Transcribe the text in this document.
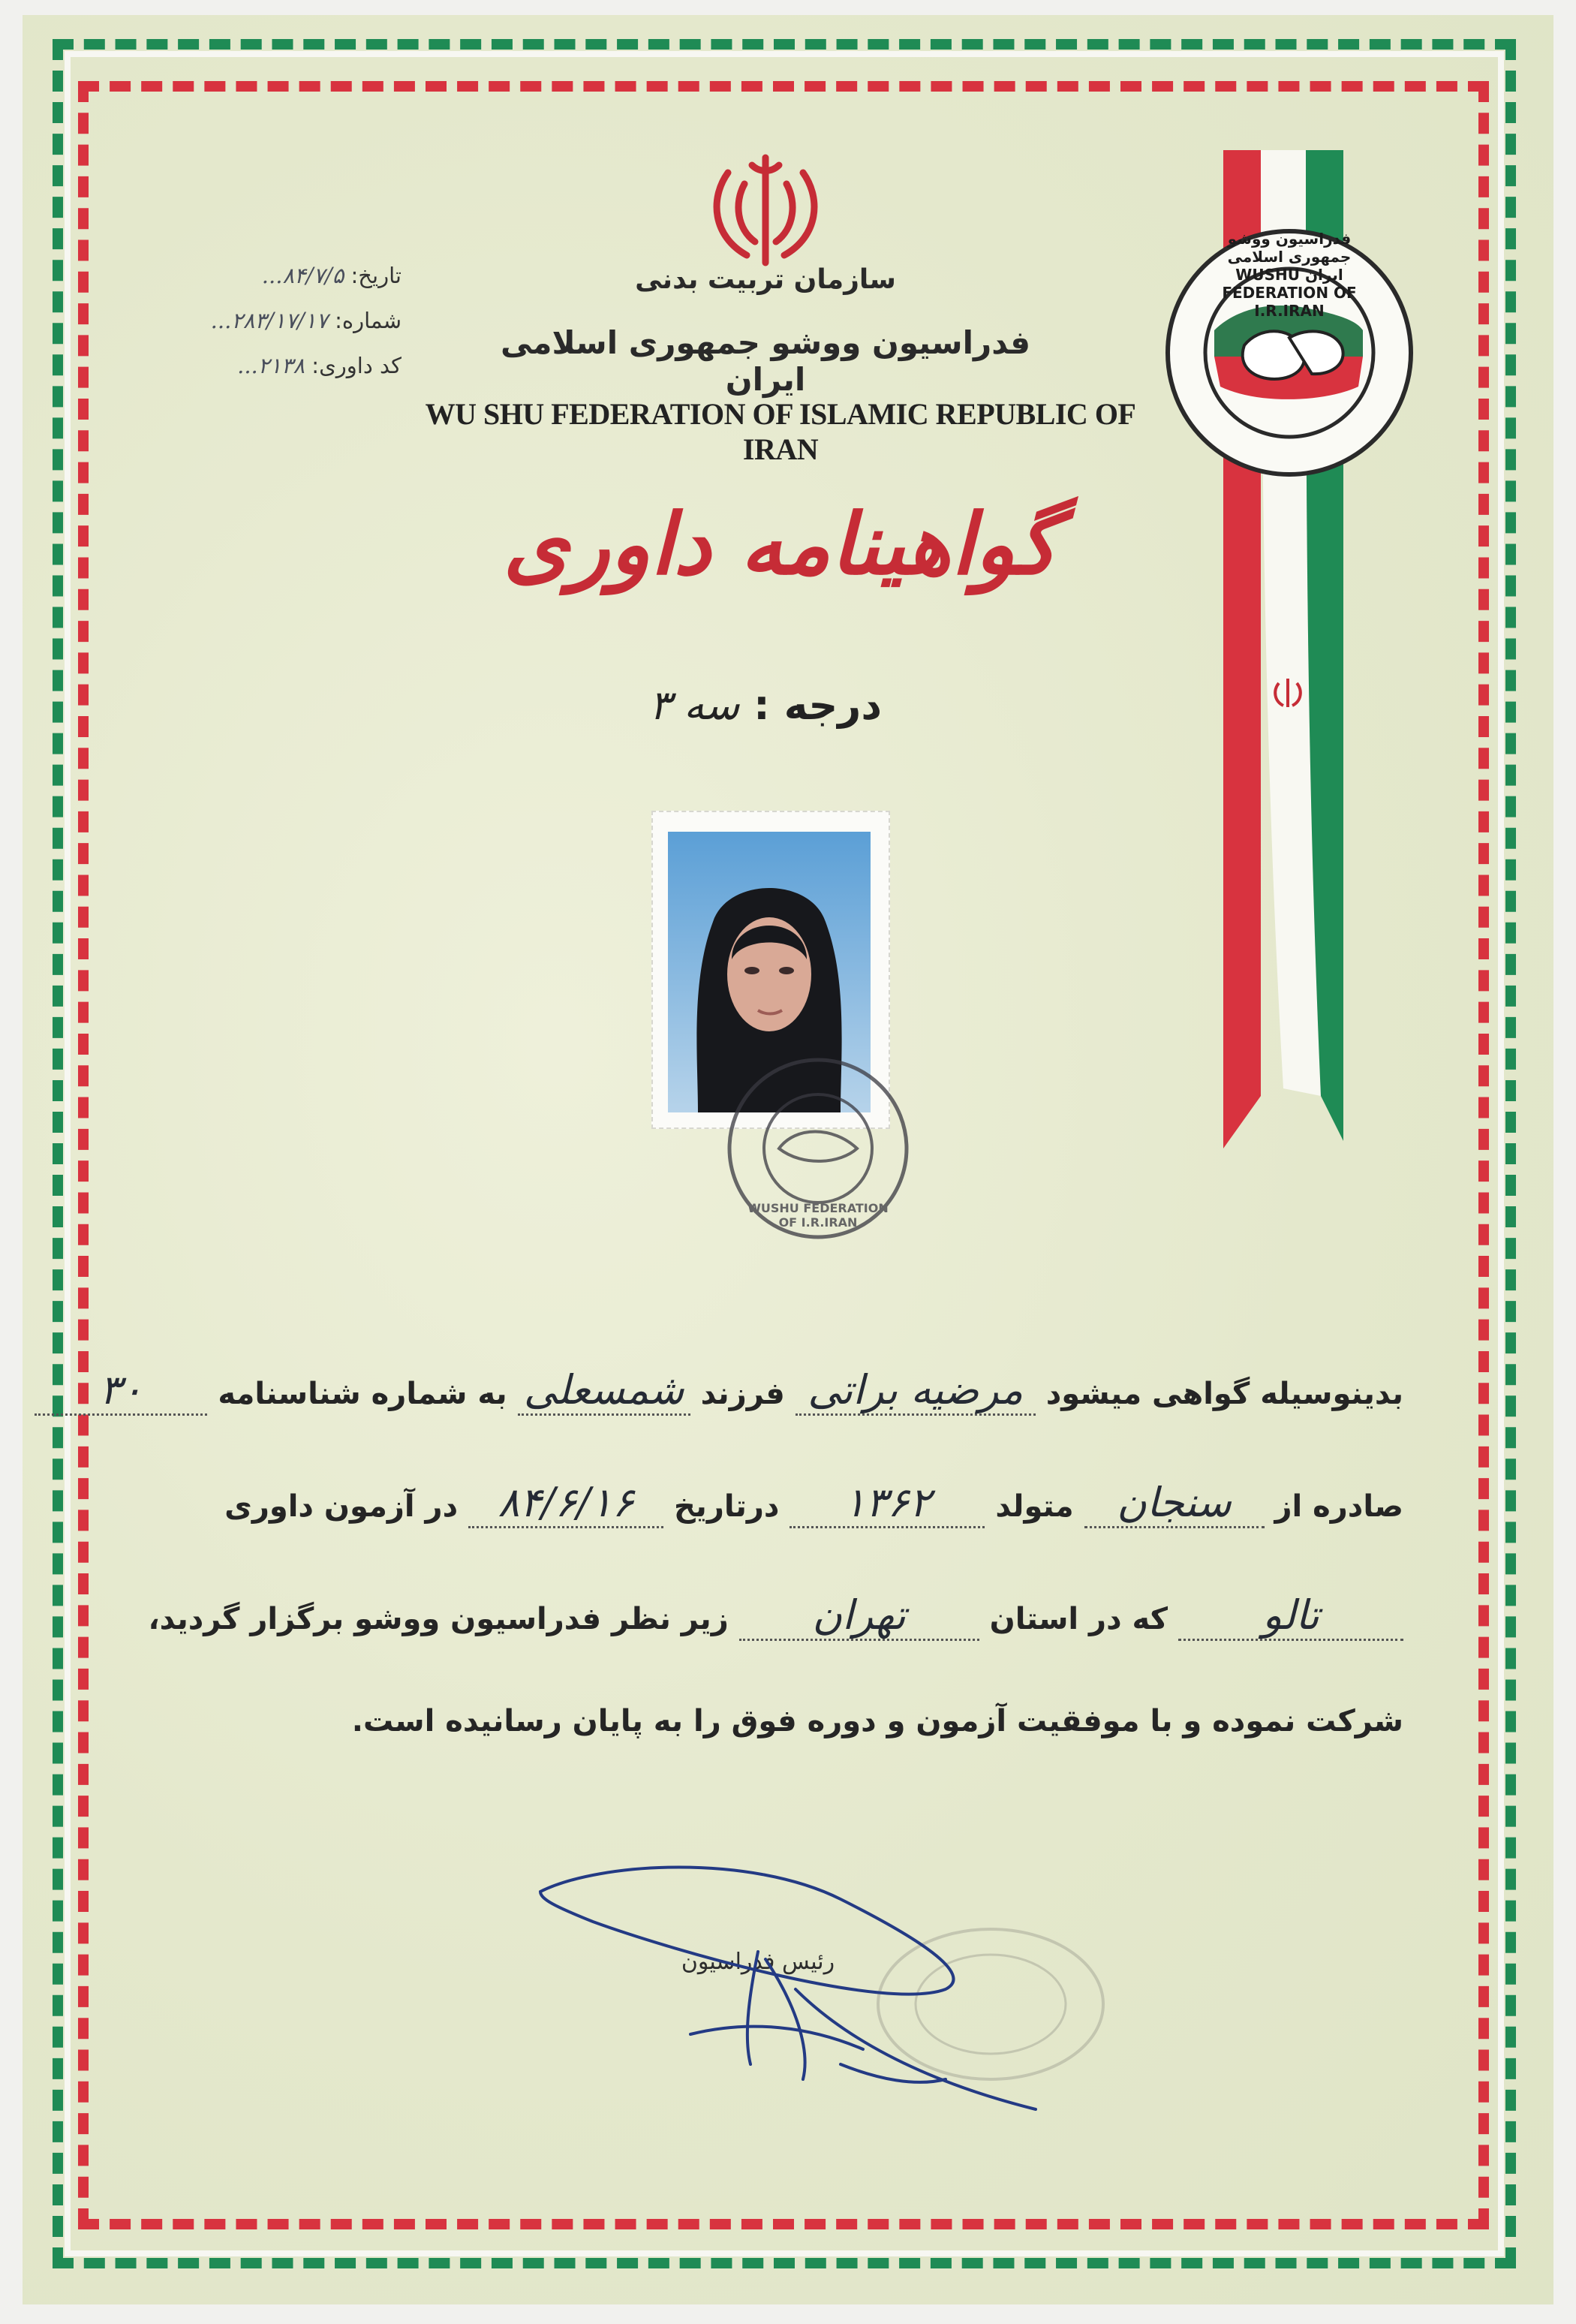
سازمان تربیت بدنی
فدراسیون ووشو جمهوری اسلامی ایران
WU SHU FEDERATION OF ISLAMIC REPUBLIC OF IRAN
تاریخ: ۸۴/۷/۵...
شماره: ۲۸۳/۱۷/۱۷...
کد داوری: ۲۱۳۸...
فدراسیون ووشو جمهوری اسلامی ایران WUSHU FEDERATION OF I.R.IRAN
گواهینامه داوری
درجه : سه ۳
WUSHU FEDERATION OF I.R.IRAN
بدینوسیله گواهی میشود مرضیه براتی فرزند شمسعلی به شماره شناسنامه ۳۰
صادره از سنجان متولد ۱۳۶۲ درتاریخ ۸۴/۶/۱۶ در آزمون داوری
تالو که در استان تهران زیر نظر فدراسیون ووشو برگزار گردید،
شرکت نموده و با موفقیت آزمون و دوره فوق را به پایان رسانیده است.
رئیس فدراسیون
